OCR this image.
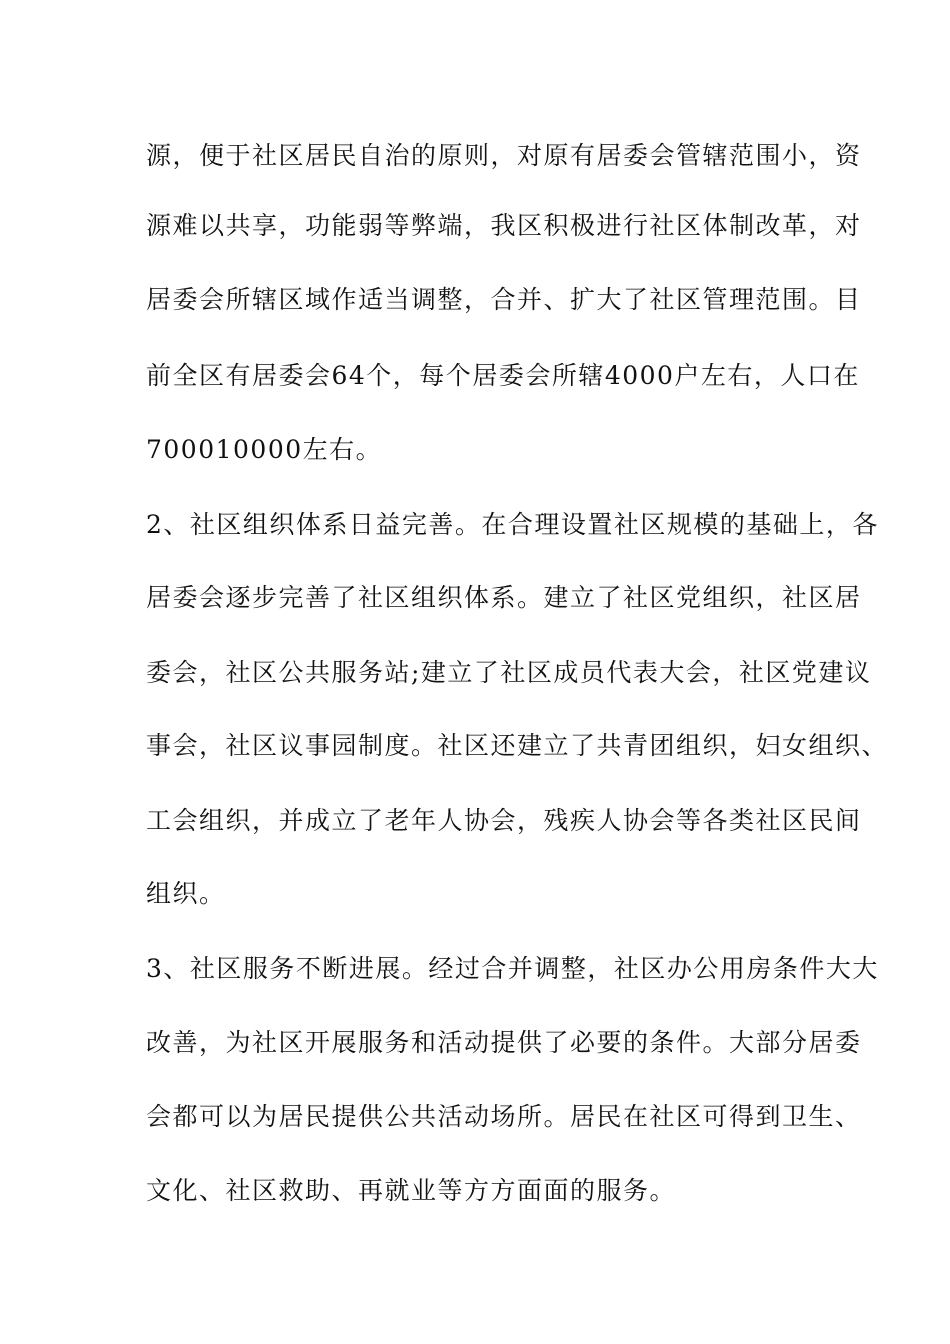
源，便于社区居民自治的原则，对原有居委会管辖范围小，资
源难以共享，功能弱等弊端，我区积极进行社区体制改革，对
居委会所辖区域作适当调整，合并、扩大了社区管理范围。目
前全区有居委会64个，每个居委会所辖4000户左右，人口在
700010000左右。
2、社区组织体系日益完善。在合理设置社区规模的基础上，各
居委会逐步完善了社区组织体系。建立了社区党组织，社区居
委会，社区公共服务站;建立了社区成员代表大会，社区党建议
事会，社区议事园制度。社区还建立了共青团组织，妇女组织、
工会组织，并成立了老年人协会，残疾人协会等各类社区民间
组织。
3、社区服务不断进展。经过合并调整，社区办公用房条件大大
改善，为社区开展服务和活动提供了必要的条件。大部分居委
会都可以为居民提供公共活动场所。居民在社区可得到卫生、
文化、社区救助、再就业等方方面面的服务。
